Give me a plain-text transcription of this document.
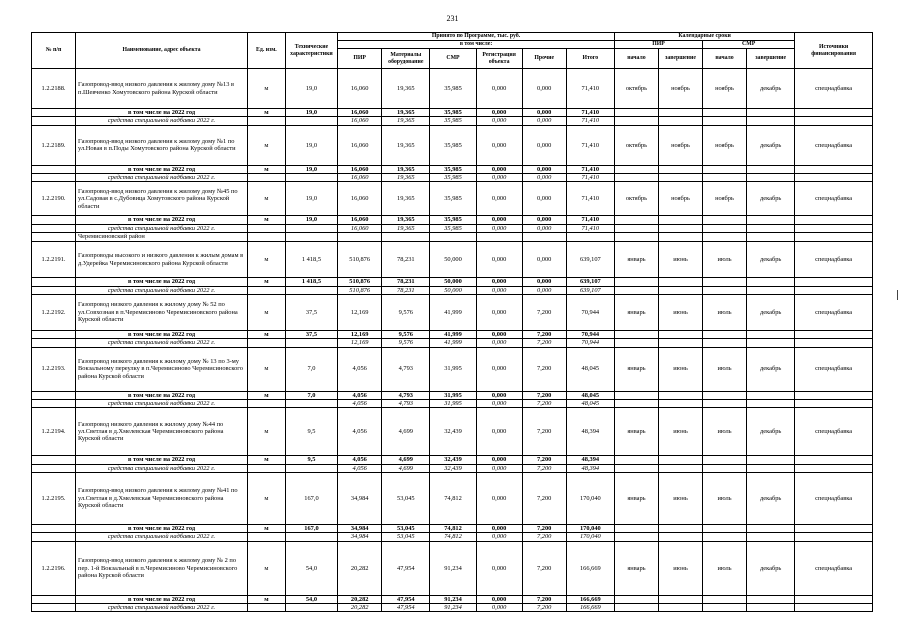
231
№ п/п	Наименование, адрес объекта	Ед. изм.	Технические характеристики	Принято по Программе, тыс. руб.						Календарные сроки				Источники финансирования
				в том числе:						ПИР		СМР		
				ПИР	Материалы оборудование	СМР	Регистрация объекта	Прочие	Итого	начало	завершение	начало	завершение	
1.2.2188.	Газопровод-ввод низкого давления к жилому дому №13 в п.Шевченко Хомутовского района Курской области	м	19,0	16,060	19,365	35,985	0,000	0,000	71,410	октябрь	ноябрь	ноябрь	декабрь	спецнадбавка
	в том числе на 2022 год	м	19,0	16,060	19,365	35,985	0,000	0,000	71,410					
	средства специальной надбавки 2022 г.			16,060	19,365	35,985	0,000	0,000	71,410					
1.2.2189.	Газопровод-ввод низкого давления к жилому дому №1 по ул.Новая в п.Поды Хомутовского района Курской области	м	19,0	16,060	19,365	35,985	0,000	0,000	71,410	октябрь	ноябрь	ноябрь	декабрь	спецнадбавка
	в том числе на 2022 год	м	19,0	16,060	19,365	35,985	0,000	0,000	71,410					
	средства специальной надбавки 2022 г.			16,060	19,365	35,985	0,000	0,000	71,410					
1.2.2190.	Газопровод-ввод низкого давления к жилому дому №45 по ул.Садовая в с.Дубовица Хомутовского района Курской области	м	19,0	16,060	19,365	35,985	0,000	0,000	71,410	октябрь	ноябрь	ноябрь	декабрь	спецнадбавка
	в том числе на 2022 год	м	19,0	16,060	19,365	35,985	0,000	0,000	71,410					
	средства специальной надбавки 2022 г.			16,060	19,365	35,985	0,000	0,000	71,410					
	Черемисиновский район													
1.2.2191.	Газопроводы высокого и низкого давления к жилым домам в д.Удерейка Черемисиновского района Курской области	м	1 418,5	510,876	78,231	50,000	0,000	0,000	639,107	январь	июнь	июль	декабрь	спецнадбавка
	в том числе на 2022 год	м	1 418,5	510,876	78,231	50,000	0,000	0,000	639,107					
	средства специальной надбавки 2022 г.			510,876	78,231	50,000	0,000	0,000	639,107					
1.2.2192.	Газопровод низкого давления к жилому дому № 52 по ул.Совхозная в п.Черемисиново Черемисиновского района Курской области	м	37,5	12,169	9,576	41,999	0,000	7,200	70,944	январь	июнь	июль	декабрь	спецнадбавка
	в том числе на 2022 год	м	37,5	12,169	9,576	41,999	0,000	7,200	70,944					
	средства специальной надбавки 2022 г.			12,169	9,576	41,999	0,000	7,200	70,944					
1.2.2193.	Газопровод низкого давления к жилому дому № 13 по 3-му Вокзальному переулку в п.Черемисиново Черемисиновского района Курской области	м	7,0	4,056	4,793	31,995	0,000	7,200	48,045	январь	июнь	июль	декабрь	спецнадбавка
	в том числе на 2022 год	м	7,0	4,056	4,793	31,995	0,000	7,200	48,045					
	средства специальной надбавки 2022 г.			4,056	4,793	31,995	0,000	7,200	48,045					
1.2.2194.	Газопровод низкого давления к жилому дому №44 по ул.Светлая в д.Хмелевская Черемисиновского района Курской области	м	9,5	4,056	4,699	32,439	0,000	7,200	48,394	январь	июнь	июль	декабрь	спецнадбавка
	в том числе на 2022 год	м	9,5	4,056	4,699	32,439	0,000	7,200	48,394					
	средства специальной надбавки 2022 г.			4,056	4,699	32,439	0,000	7,200	48,394					
1.2.2195.	Газопровод-ввод низкого давления к жилому дому №41 по ул.Светлая в д.Хмелевская Черемисиновского района Курской области	м	167,0	34,984	53,045	74,812	0,000	7,200	170,040	январь	июнь	июль	декабрь	спецнадбавка
	в том числе на 2022 год	м	167,0	34,984	53,045	74,812	0,000	7,200	170,040					
	средства специальной надбавки 2022 г.			34,984	53,045	74,812	0,000	7,200	170,040					
1.2.2196.	Газопровод-ввод низкого давления к жилому дому № 2 по пер. 1-й Вокзальный в п.Черемисиново Черемисиновского района Курской области	м	54,0	20,282	47,954	91,234	0,000	7,200	166,669	январь	июнь	июль	декабрь	спецнадбавка
	в том числе на 2022 год	м	54,0	20,282	47,954	91,234	0,000	7,200	166,669					
	средства специальной надбавки 2022 г.			20,282	47,954	91,234	0,000	7,200	166,669					
